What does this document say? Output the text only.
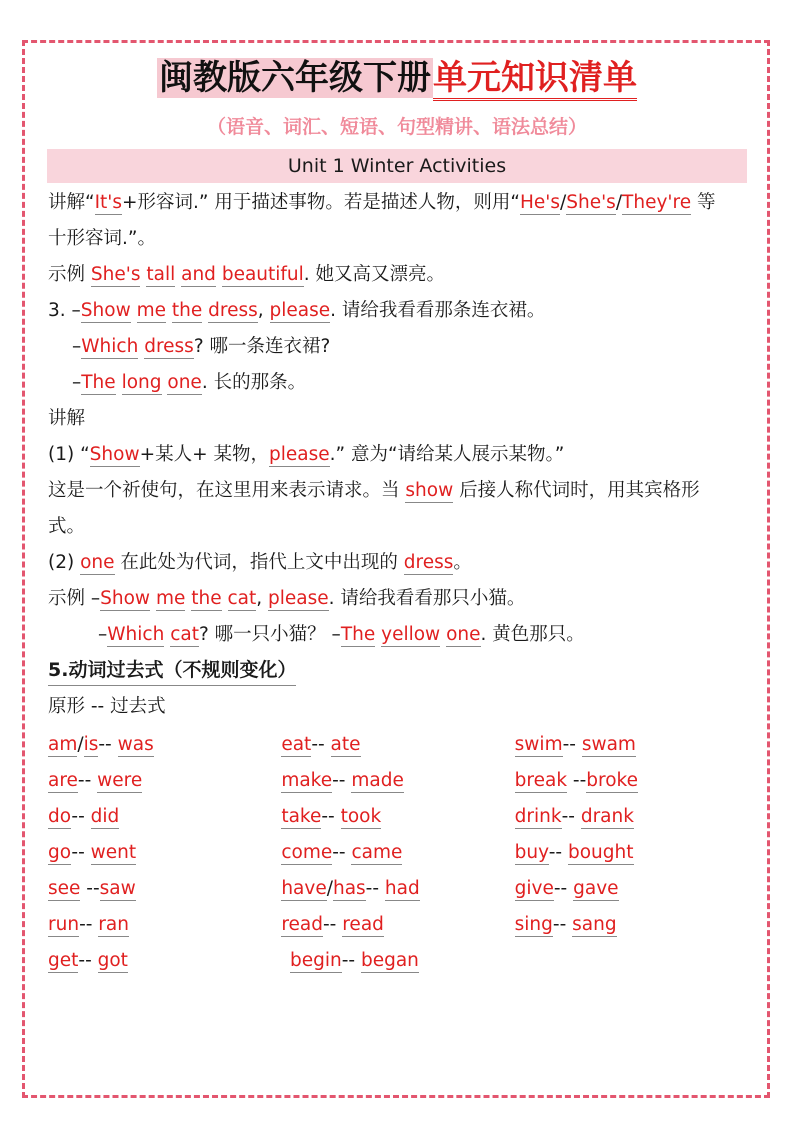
闽教版六年级下册单元知识清单
（语音、词汇、短语、句型精讲、语法总结）
Unit 1 Winter Activities
讲解“It's+形容词.” 用于描述事物。若是描述人物，则用“He's/She's/They're 等
十形容词.”。
示例 She's tall and beautiful. 她又高又漂亮。
3. –Show me the dress, please. 请给我看看那条连衣裙。
–Which dress? 哪一条连衣裙?
–The long one. 长的那条。
讲解
(1) “Show+某人+ 某物，please.” 意为“请给某人展示某物。”
这是一个祈使句，在这里用来表示请求。当 show 后接人称代词时，用其宾格形
式。
(2) one 在此处为代词，指代上文中出现的 dress。
示例 –Show me the cat, please. 请给我看看那只小猫。
–Which cat? 哪一只小猫？ –The yellow one. 黄色那只。
5.动词过去式（不规则变化）
原形 -- 过去式
am/is-- was	eat-- ate	swim-- swam
are-- were	make-- made	break --broke
do-- did	take-- took	drink-- drank
go-- went	come-- came	buy-- bought
see --saw	have/has-- had	give-- gave
run-- ran	read-- read	sing-- sang
get-- got	begin-- began
